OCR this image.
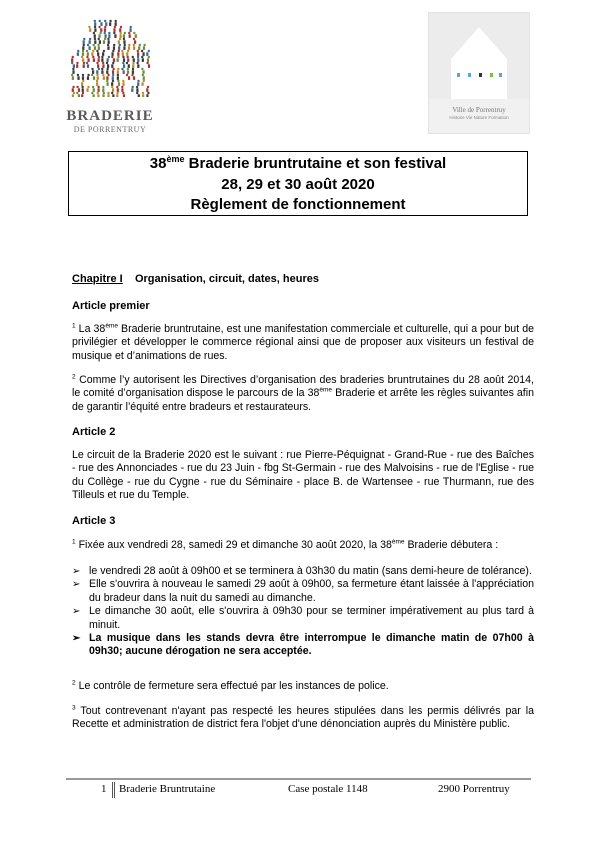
BRADERIE
DE PORRENTRUY
Ville de Porrentruy
Histoire Vie Nature Formation
38ème Braderie bruntrutaine et son festival
28, 29 et 30 août 2020
Règlement de fonctionnement
Chapitre I Organisation, circuit, dates, heures
Article premier
$^1$ La 38ème Braderie bruntrutaine, est une manifestation commerciale et culturelle, qui a pour but de privilégier et développer le commerce régional ainsi que de proposer aux visiteurs un festival de musique et d’animations de rues.
$^2$ Comme l’y autorisent les Directives d’organisation des braderies bruntrutaines du 28 août 2014, le comité d’organisation dispose le parcours de la 38ème Braderie et arrête les règles suivantes afin de garantir l’équité entre bradeurs et restaurateurs.
Article 2
Le circuit de la Braderie 2020 est le suivant : rue Pierre-Péquignat - Grand-Rue - rue des Baîches - rue des Annonciades - rue du 23 Juin - fbg St-Germain - rue des Malvoisins - rue de l'Eglise - rue du Collège - rue du Cygne - rue du Séminaire - place B. de Wartensee - rue Thurmann, rue des Tilleuls et rue du Temple.
Article 3
$^1$ Fixée aux vendredi 28, samedi 29 et dimanche 30 août 2020, la 38ème Braderie débutera :
➢ le vendredi 28 août à 09h00 et se terminera à 03h30 du matin (sans demi-heure de tolérance).
➢ Elle s'ouvrira à nouveau le samedi 29 août à 09h00, sa fermeture étant laissée à l'appréciation du bradeur dans la nuit du samedi au dimanche.
➢ Le dimanche 30 août, elle s'ouvrira à 09h30 pour se terminer impérativement au plus tard à minuit.
➢ La musique dans les stands devra être interrompue le dimanche matin de 07h00 à 09h30; aucune dérogation ne sera acceptée.
$^2$ Le contrôle de fermeture sera effectué par les instances de police.
$^3$ Tout contrevenant n'ayant pas respecté les heures stipulées dans les permis délivrés par la Recette et administration de district fera l'objet d'une dénonciation auprès du Ministère public.
1 Braderie Bruntrutaine	Case postale 1148	2900 Porrentruy
